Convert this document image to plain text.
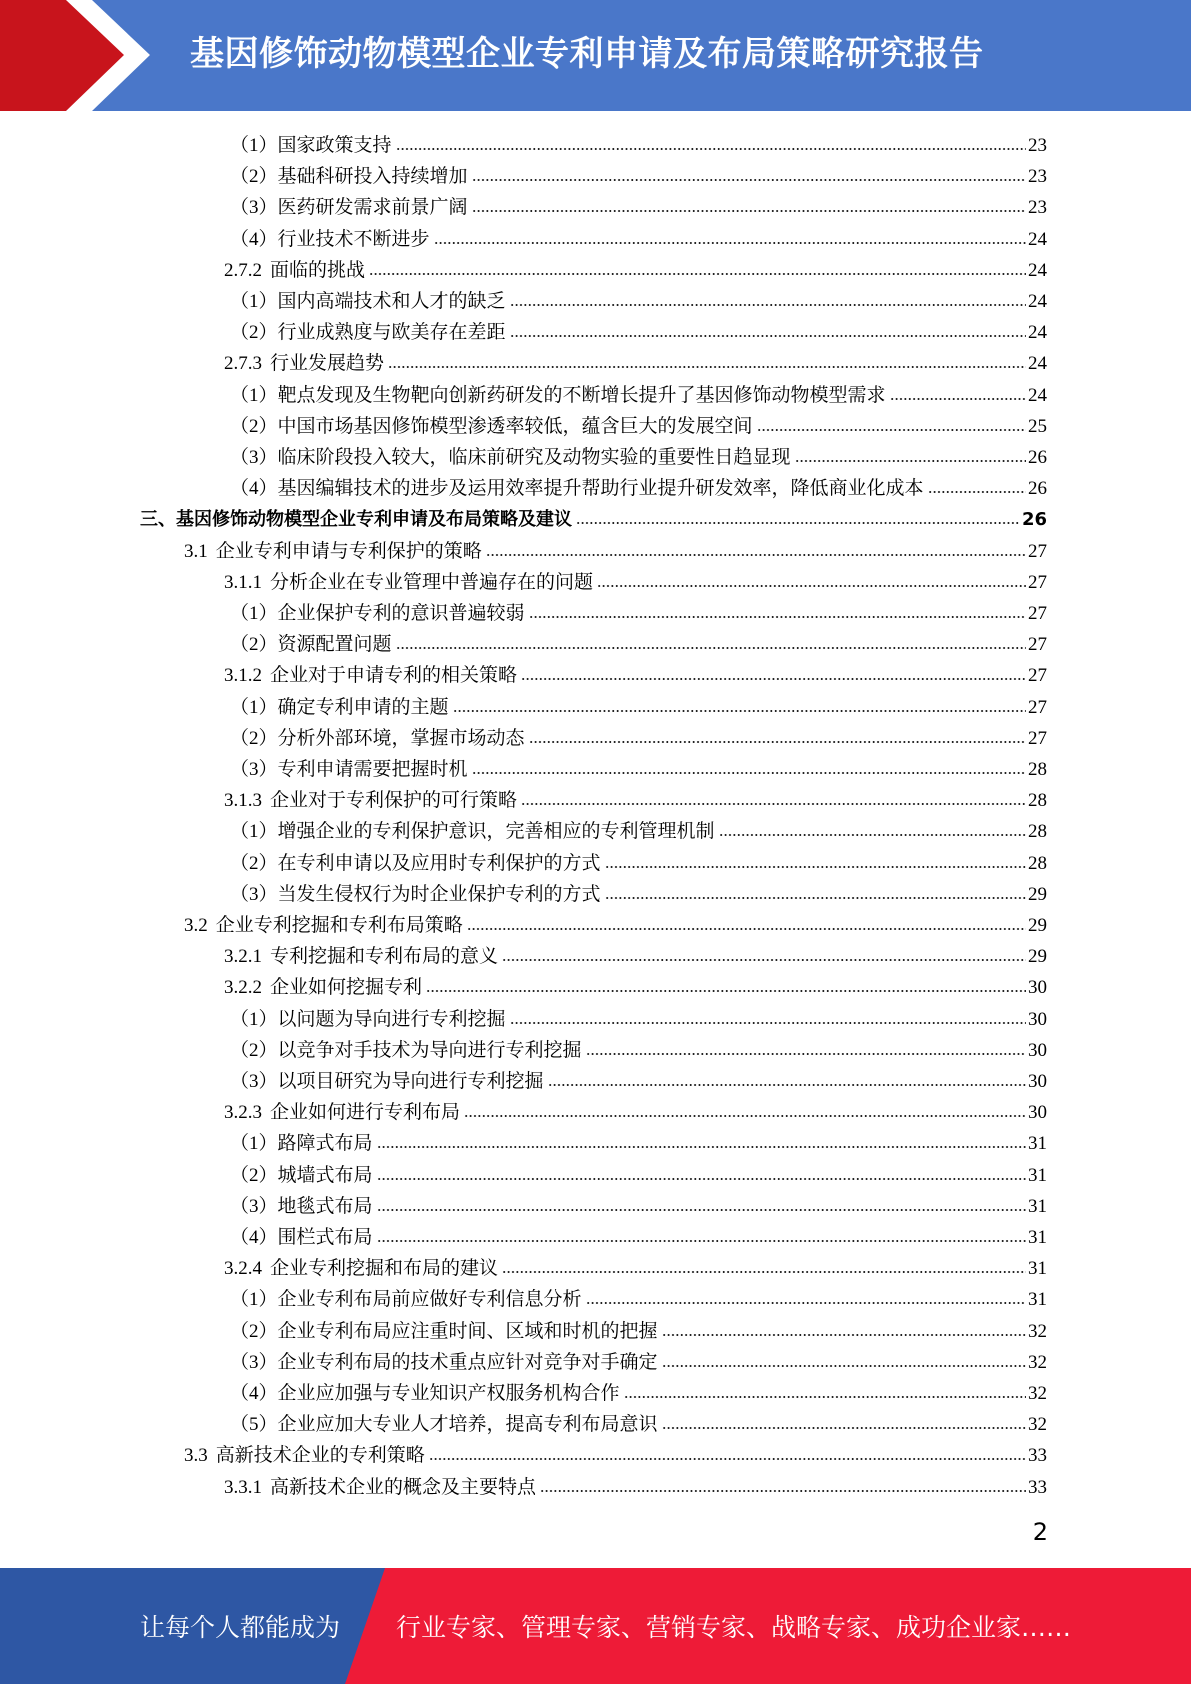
基因修饰动物模型企业专利申请及布局策略研究报告
（1） 国家政策支持	23
（2） 基础科研投入持续增加	23
（3） 医药研发需求前景广阔	23
（4） 行业技术不断进步	24
2.7.2 面临的挑战	24
（1） 国内高端技术和人才的缺乏	24
（2） 行业成熟度与欧美存在差距	24
2.7.3 行业发展趋势	24
（1） 靶点发现及生物靶向创新药研发的不断增长提升了基因修饰动物模型需求	24
（2） 中国市场基因修饰模型渗透率较低，蕴含巨大的发展空间	25
（3） 临床阶段投入较大，临床前研究及动物实验的重要性日趋显现	26
（4） 基因编辑技术的进步及运用效率提升帮助行业提升研发效率，降低商业化成本	26
三、 基因修饰动物模型企业专利申请及布局策略及建议	26
3.1 企业专利申请与专利保护的策略	27
3.1.1 分析企业在专业管理中普遍存在的问题	27
（1） 企业保护专利的意识普遍较弱	27
（2） 资源配置问题	27
3.1.2 企业对于申请专利的相关策略	27
（1） 确定专利申请的主题	27
（2） 分析外部环境，掌握市场动态	27
（3） 专利申请需要把握时机	28
3.1.3 企业对于专利保护的可行策略	28
（1） 增强企业的专利保护意识，完善相应的专利管理机制	28
（2） 在专利申请以及应用时专利保护的方式	28
（3） 当发生侵权行为时企业保护专利的方式	29
3.2 企业专利挖掘和专利布局策略	29
3.2.1 专利挖掘和专利布局的意义	29
3.2.2 企业如何挖掘专利	30
（1） 以问题为导向进行专利挖掘	30
（2） 以竞争对手技术为导向进行专利挖掘	30
（3） 以项目研究为导向进行专利挖掘	30
3.2.3 企业如何进行专利布局	30
（1） 路障式布局	31
（2） 城墙式布局	31
（3） 地毯式布局	31
（4） 围栏式布局	31
3.2.4 企业专利挖掘和布局的建议	31
（1） 企业专利布局前应做好专利信息分析	31
（2） 企业专利布局应注重时间、区域和时机的把握	32
（3） 企业专利布局的技术重点应针对竞争对手确定	32
（4） 企业应加强与专业知识产权服务机构合作	32
（5） 企业应加大专业人才培养，提高专利布局意识	32
3.3 高新技术企业的专利策略	33
3.3.1 高新技术企业的概念及主要特点	33
2
让每个人都能成为 行业专家、管理专家、营销专家、战略专家、成功企业家……
